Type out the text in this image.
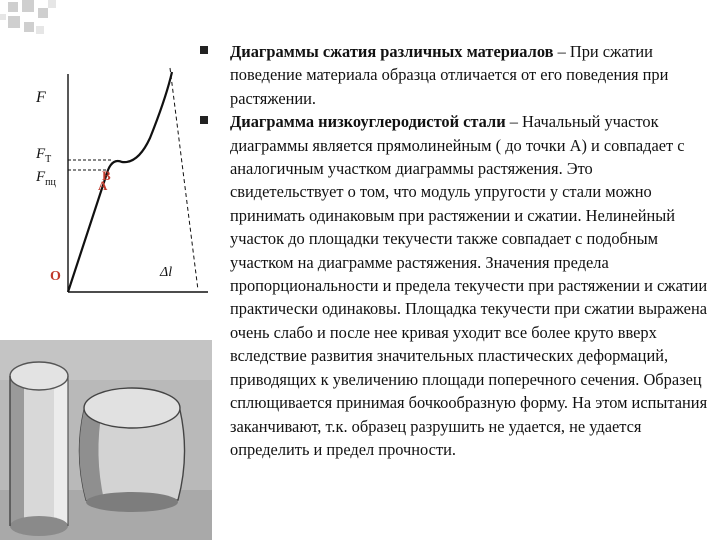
F
$F_Т$
$F_{пц}$	В
А
О	Δl

Диаграммы сжатия различных материалов – При сжатии поведение материала образца отличается от его поведения при растяжении.

Диаграмма низкоуглеродистой стали – Начальный участок диаграммы является прямолинейным ( до точки А) и совпадает с аналогичным участком диаграммы растяжения. Это свидетельствует о том, что модуль упругости у стали можно принимать одинаковым при растяжении и сжатии. Нелинейный участок до площадки текучести также совпадает с подобным участком на диаграмме растяжения. Значения предела пропорциональности и предела текучести при растяжении и сжатии практически одинаковы. Площадка текучести при сжатии выражена очень слабо и после нее кривая уходит все более круто вверх вследствие развития значительных пластических деформаций, приводящих к увеличению площади поперечного сечения. Образец сплющивается принимая бочкообразную форму. На этом испытания заканчивают, т.к. образец разрушить не удается, не удается определить и предел прочности.
